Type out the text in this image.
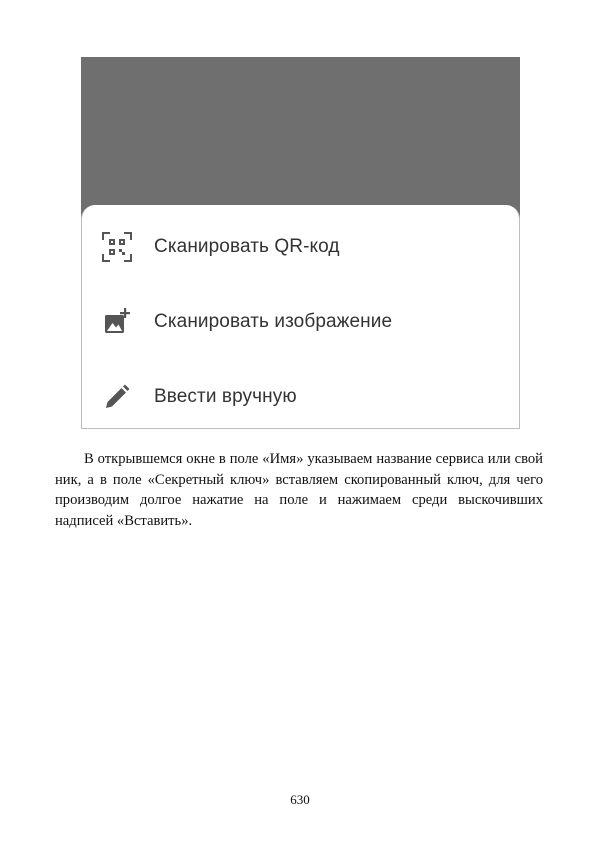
Сканировать QR-код
Сканировать изображение
Ввести вручную

В открывшемся окне в поле «Имя» указываем название сервиса или свой ник, а в поле «Секретный ключ» вставляем скопированный ключ, для чего производим долгое нажатие на поле и нажимаем среди выскочивших надписей «Вставить».

630
